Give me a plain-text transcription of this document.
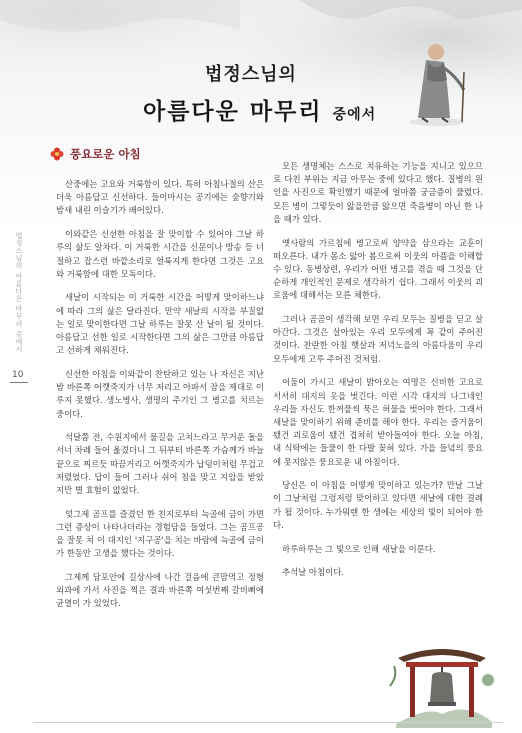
법정스님의 아름다운 마무리 중에서
10
법정스님의
아름다운 마무리 중에서
풍요로운 아침

산중에는 고요와 거룩함이 있다. 특히 아침나절의 산은 더욱 아름답고 신선하다. 들이마시는 공기에는 숲향기와 밤새 내린 이슬기가 배어있다.

이와같은 신선한 아침을 잘 맞이할 수 있어야 그날 하루의 삶도 알차다. 이 거룩한 시간을 신문이나 방송 등 너절하고 잡스런 바깥소리로 얼룩지게 한다면 그것은 고요와 거룩함에 대한 모독이다.

새날이 시작되는 이 거룩한 시간을 어떻게 맞이하느냐에 따라 그의 삶은 달라진다. 만약 새날의 시작을 부질없는 일로 맞이한다면 그날 하루는 잘못 산 날이 될 것이다. 아름답고 선한 일로 시작한다면 그의 삶은 그만큼 아름답고 선하게 채워진다.

신선한 아침을 이와같이 찬탄하고 있는 나 자신은 지난 밤 바른쪽 어깻죽지가 너무 저리고 아파서 잠을 제대로 이루지 못했다. 생노병사, 생명의 주기인 그 병고를 치르는 중이다.

석달쯤 전, 수원지에서 물길을 고치느라고 무거운 돌을 서너 차례 들어 옮겼더니 그 뒤부터 바른쪽 가슴께가 바늘 끝으로 찌르듯 따끔거리고 어깻죽지가 납덩이처럼 무겁고 저렸었다. 답이 들어 그러나 쉬어 침을 맞고 지압을 받았지만 별 효험이 없었다.

엊그제 곰프를 즐겼던 한 친지로부터 늑골에 금이 가면 그런 증상이 나타나더라는 경험담을 들었다. 그는 곰프공을 잘못 쳐 이 대지인 '지구공'을 치는 바람에 늑골에 금이가 한동안 고생을 했다는 것이다.

그제께 담포안에 길상사에 나간 걸음에 큰맘먹고 정형외과에 가서 사진을 찍은 결과 바른쪽 여섯번째 갈비뼈에 균열이 가 있었다.

모든 생명체는 스스로 치유하는 기능을 지니고 있으므로 다친 부위는 지금 아무는 중에 있다고 했다. 질병의 원인을 사진으로 확인했기 때문에 얼마쯤 궁금증이 풀렸다. 모든 병이 그렇듯이 앓을만큼 앓으면 죽음병이 아닌 한 나을 때가 있다.

옛사람의 가르침에 병고로써 양약을 삼으라는 교훈이 떠오른다. 내가 몸소 앓아 봄으로써 이웃의 아픔을 이해할 수 있다. 동병상련, 우리가 어떤 병고를 겪을 때 그것을 단순하게 개인적인 문제로 생각하기 쉽다. 그래서 이웃의 괴로움에 대해서는 모른 체한다.

그러나 곰곰이 생각해 보면 우리 모두는 질병을 딛고 살아간다. 그것은 살아있는 우리 모두에게 꼭 같이 주어진 것이다. 찬란한 아침 햇살과 저녁노을의 아름다움이 우리 모두에게 고루 주어진 것처럼.

어둠이 가시고 새날이 밝아오는 여명은 신비한 고요로 서서히 대지의 옷을 벗긴다. 이런 시각 대지의 나그네인 우리들 자신도 한꺼풀씩 묵은 허물을 벗어야 한다. 그래서 새날을 맞이하기 위해 준비를 해야 한다. 우리는 즐거움이 됐건 괴로움이 됐건 겹쳐히 받아들여야 한다. 오늘 아침, 내 식탁에는 들풀이 한 다발 꽂혀 있다. 가을 들녘의 풍요에 못지않은 풍요로운 내 아침이다.

당신은 이 아침을 어떻게 맞이하고 있는가? 만날 그날이 그날처럼 그렁저렁 맞이하고 있다면 새날에 대한 결례가 될 것이다. 누가뭐랜 한 생에는 세상의 빛이 되어야 한다.

하루하루는 그 빛으로 인해 새날을 이룬다.

추석날 아침이다.
